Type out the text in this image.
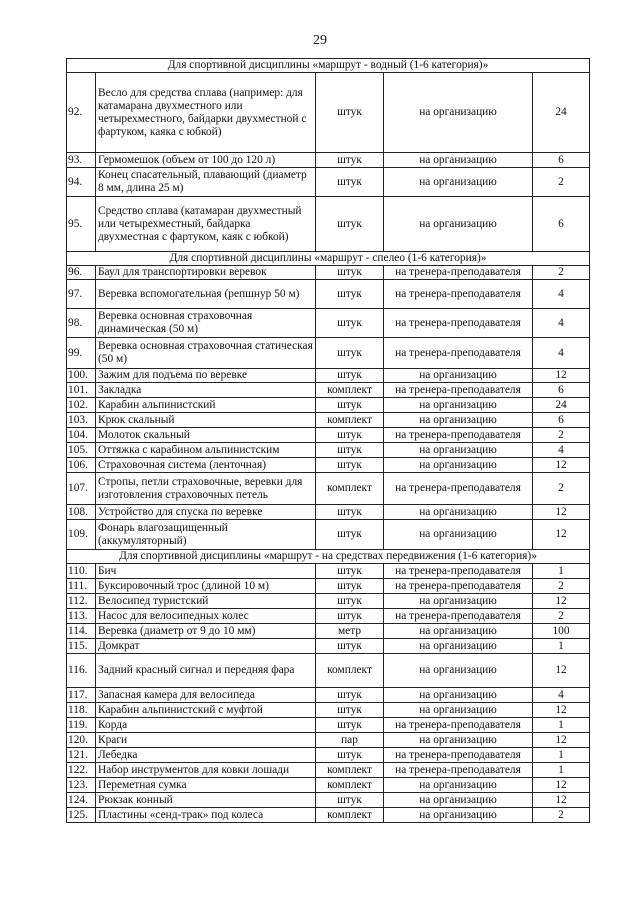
29
Для спортивной дисциплины «маршрут - водный (1-6 категория)»				
92.	Весло для средства сплава (например: для катамарана двухместного или четырехместного, байдарки двухместной с фартуком, каяка с юбкой)	штук	на организацию	24
93.	Гермомешок (объем от 100 до 120 л)	штук	на организацию	6
94.	Конец спасательный, плавающий (диаметр 8 мм, длина 25 м)	штук	на организацию	2
95.	Средство сплава (катамаран двухместный или четырехместный, байдарка двухместная с фартуком, каяк с юбкой)	штук	на организацию	6
Для спортивной дисциплины «маршрут - спелео (1-6 категория)»				
96.	Баул для транспортировки веревок	штук	на тренера-преподавателя	2
97.	Веревка вспомогательная (репшнур 50 м)	штук	на тренера-преподавателя	4
98.	Веревка основная страховочная динамическая (50 м)	штук	на тренера-преподавателя	4
99.	Веревка основная страховочная статическая (50 м)	штук	на тренера-преподавателя	4
100.	Зажим для подъема по веревке	штук	на организацию	12
101.	Закладка	комплект	на тренера-преподавателя	6
102.	Карабин альпинистский	штук	на организацию	24
103.	Крюк скальный	комплект	на организацию	6
104.	Молоток скальный	штук	на тренера-преподавателя	2
105.	Оттяжка с карабином альпинистским	штук	на организацию	4
106.	Страховочная система (ленточная)	штук	на организацию	12
107.	Стропы, петли страховочные, веревки для изготовления страховочных петель	комплект	на тренера-преподавателя	2
108.	Устройство для спуска по веревке	штук	на организацию	12
109.	Фонарь влагозащищенный (аккумуляторный)	штук	на организацию	12
Для спортивной дисциплины «маршрут - на средствах передвижения (1-6 категория)»				
110.	Бич	штук	на тренера-преподавателя	1
111.	Буксировочный трос (длиной 10 м)	штук	на тренера-преподавателя	2
112.	Велосипед туристский	штук	на организацию	12
113.	Насос для велосипедных колес	штук	на тренера-преподавателя	2
114.	Веревка (диаметр от 9 до 10 мм)	метр	на организацию	100
115.	Домкрат	штук	на организацию	1
116.	Задний красный сигнал и передняя фара	комплект	на организацию	12
117.	Запасная камера для велосипеда	штук	на организацию	4
118.	Карабин альпинистский с муфтой	штук	на организацию	12
119.	Корда	штук	на тренера-преподавателя	1
120.	Краги	пар	на организацию	12
121.	Лебедка	штук	на тренера-преподавателя	1
122.	Набор инструментов для ковки лошади	комплект	на тренера-преподавателя	1
123.	Переметная сумка	комплект	на организацию	12
124.	Рюкзак конный	штук	на организацию	12
125.	Пластины «сенд-трак» под колеса	комплект	на организацию	2
